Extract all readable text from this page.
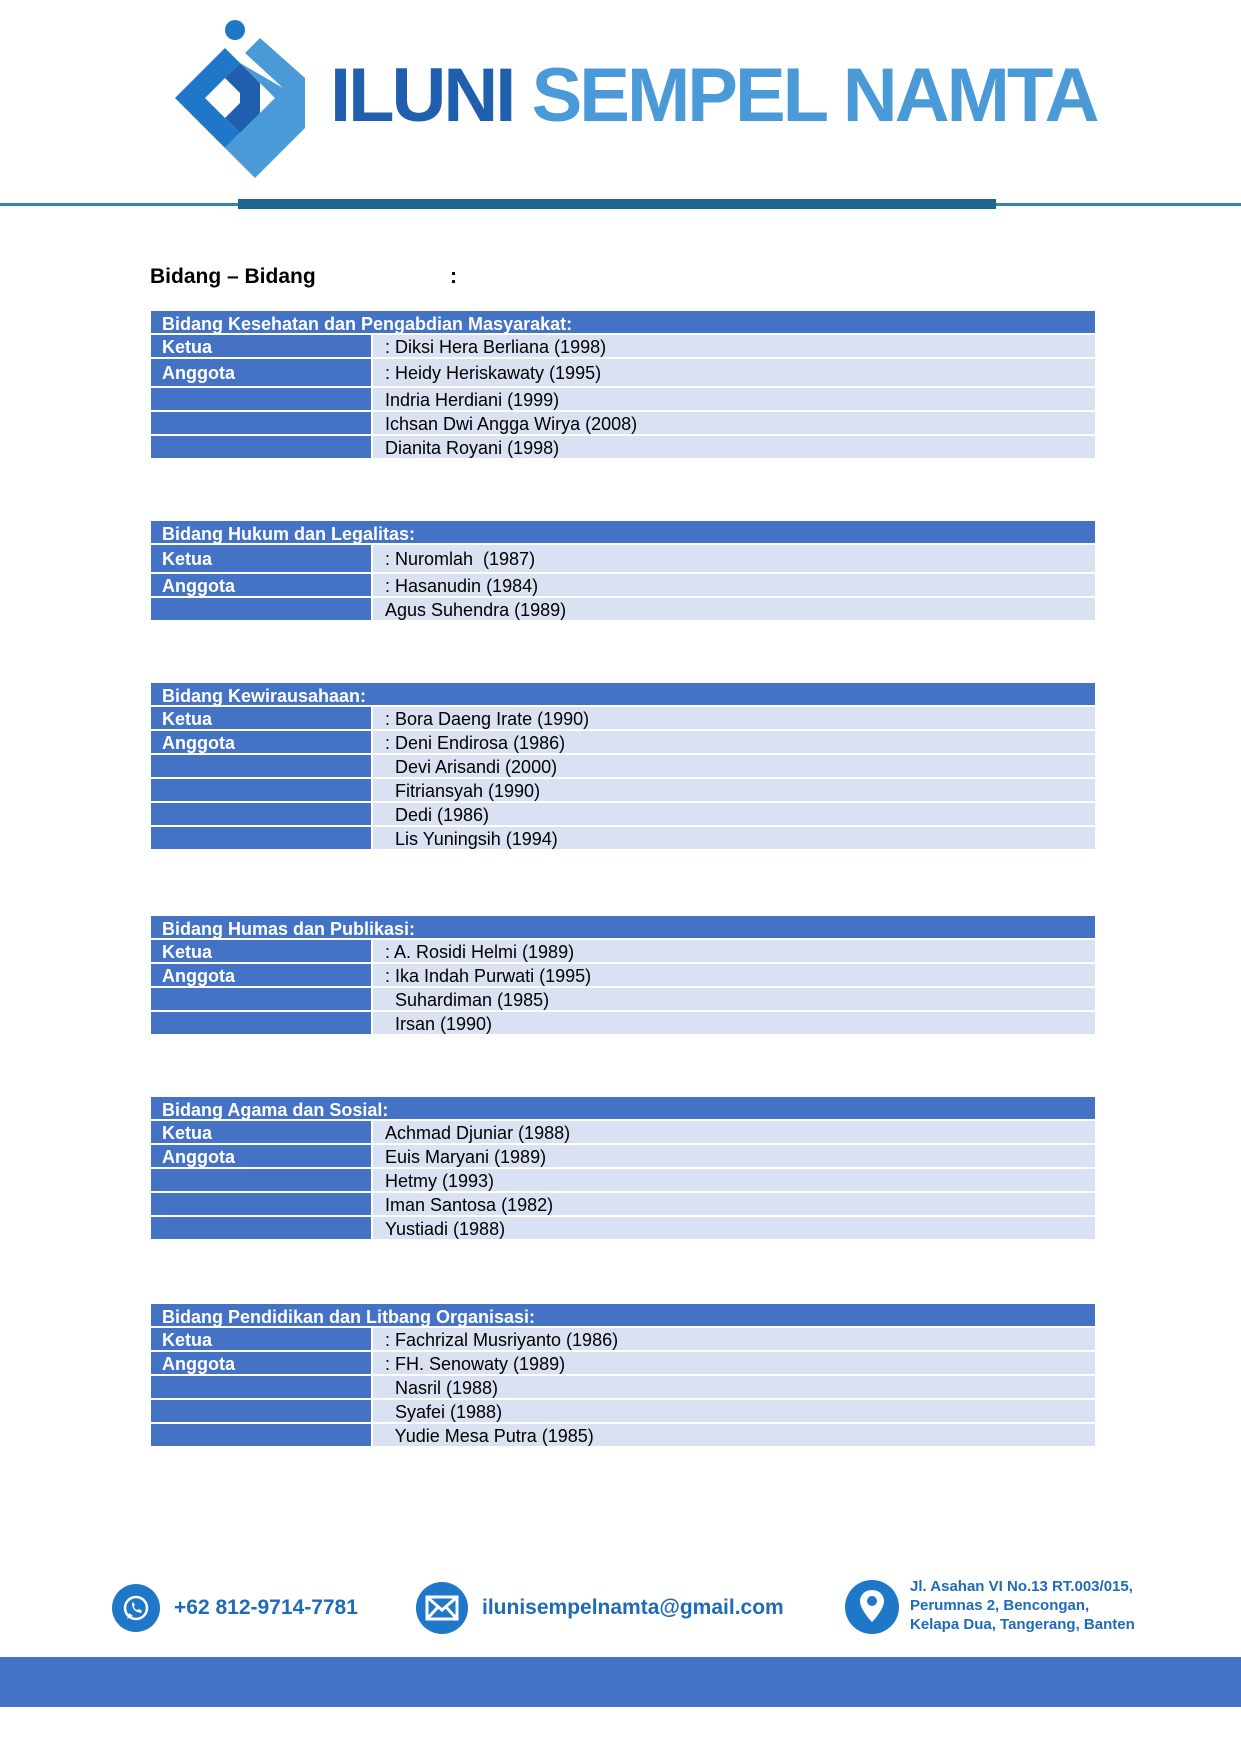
ILUNI SEMPEL NAMTA
Bidang – Bidang	:
Bidang Kesehatan dan Pengabdian Masyarakat:
Ketua	: Diksi Hera Berliana (1998)
Anggota	: Heidy Heriskawaty (1995)
Indria Herdiani (1999)
Ichsan Dwi Angga Wirya (2008)
Dianita Royani (1998)
Bidang Hukum dan Legalitas:
Ketua	: Nuromlah  (1987)
Anggota	: Hasanudin (1984)
Agus Suhendra (1989)
Bidang Kewirausahaan:
Ketua	: Bora Daeng Irate (1990)
Anggota	: Deni Endirosa (1986)
Devi Arisandi (2000)
Fitriansyah (1990)
Dedi (1986)
Lis Yuningsih (1994)
Bidang Humas dan Publikasi:
Ketua	: A. Rosidi Helmi (1989)
Anggota	: Ika Indah Purwati (1995)
Suhardiman (1985)
Irsan (1990)
Bidang Agama dan Sosial:
Ketua	Achmad Djuniar (1988)
Anggota	Euis Maryani (1989)
Hetmy (1993)
Iman Santosa (1982)
Yustiadi (1988)
Bidang Pendidikan dan Litbang Organisasi:
Ketua	: Fachrizal Musriyanto (1986)
Anggota	: FH. Senowaty (1989)
Nasril (1988)
Syafei (1988)
Yudie Mesa Putra (1985)
+62 812-9714-7781	ilunisempelnamta@gmail.com
Jl. Asahan VI No.13 RT.003/015,
Perumnas 2, Bencongan,
Kelapa Dua, Tangerang, Banten
